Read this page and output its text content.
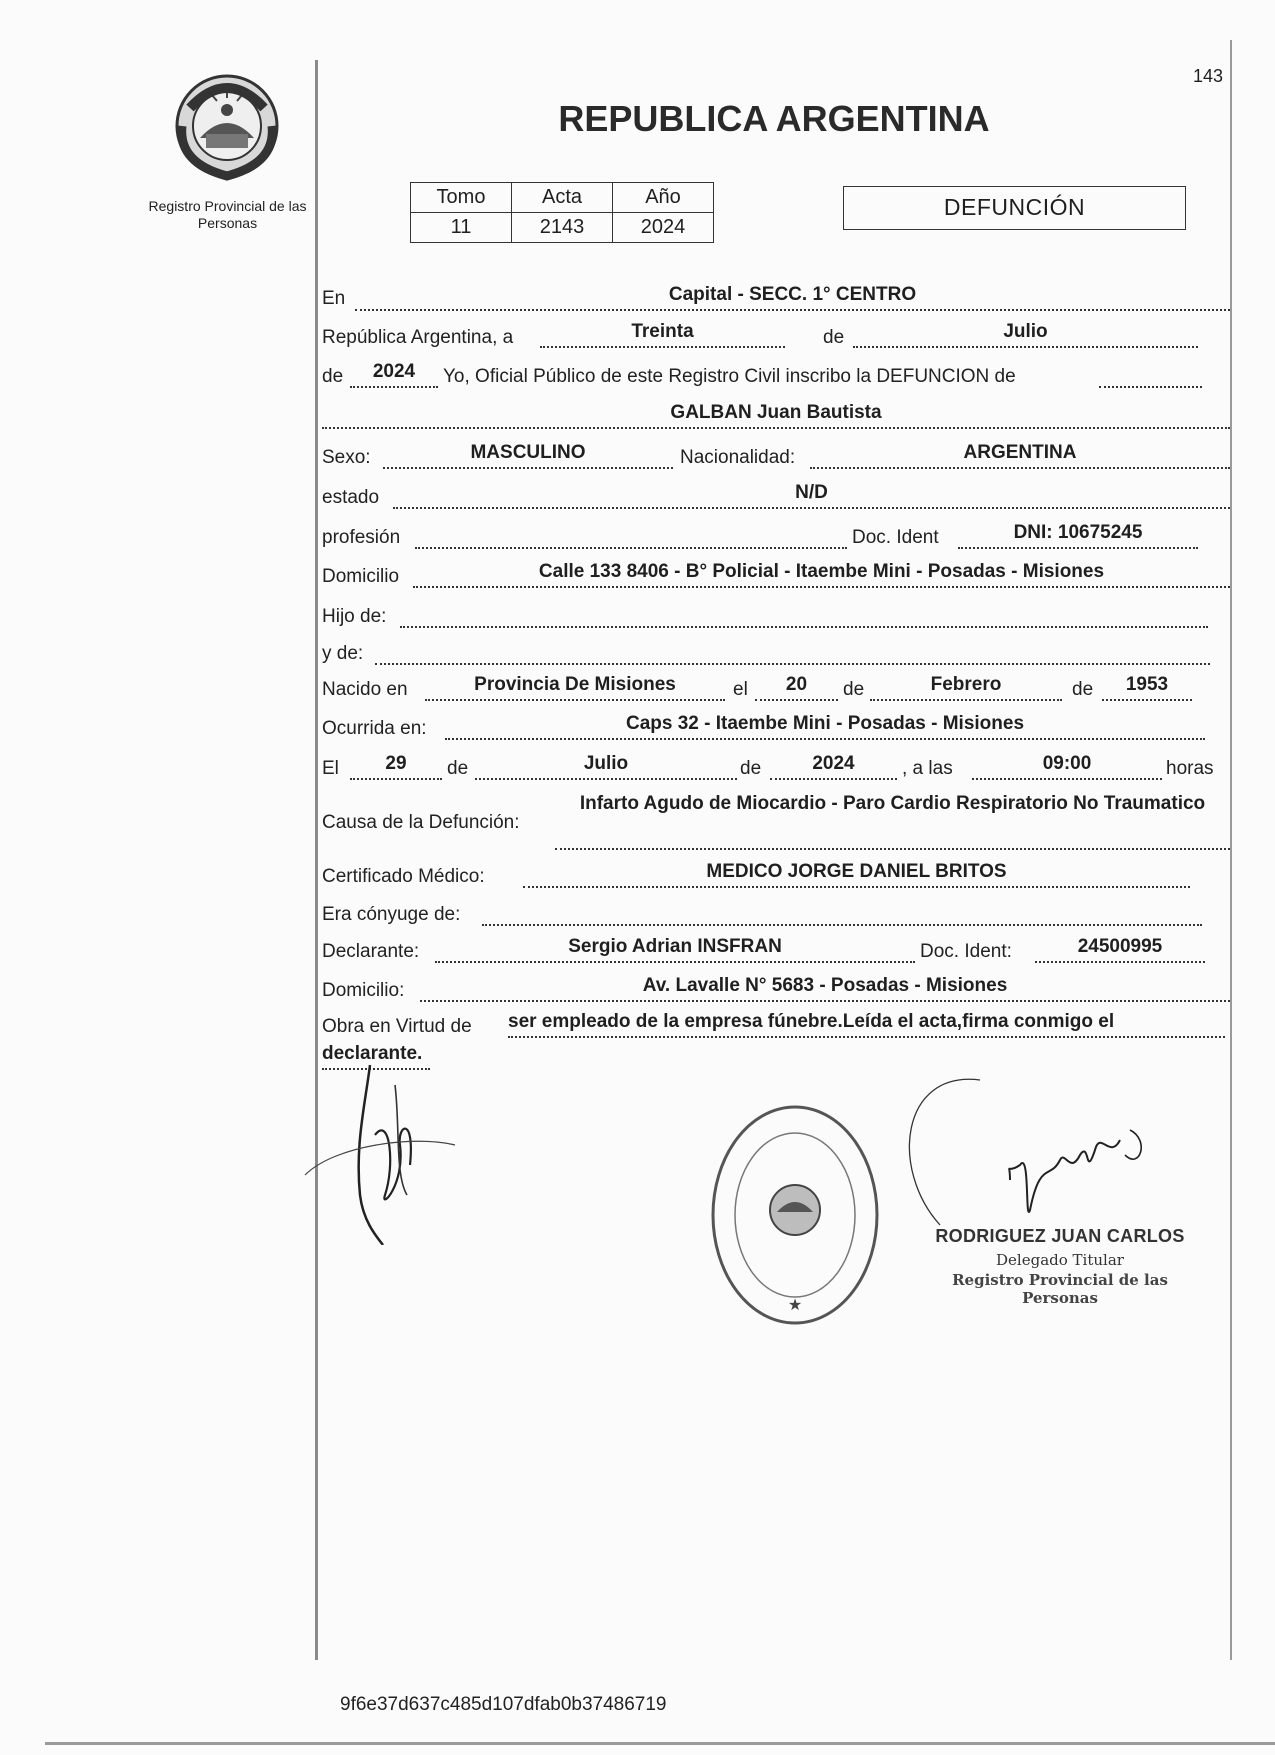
143
Registro Provincial de las Personas
REPUBLICA ARGENTINA
Tomo	Acta	Año
11	2143	2024
DEFUNCIÓN
En	Capital - SECC. 1° CENTRO
República Argentina, a	Treinta	de	Julio
de	2024	Yo, Oficial Público de este Registro Civil inscribo la DEFUNCION de
GALBAN Juan Bautista
Sexo:	MASCULINO	Nacionalidad:	ARGENTINA
estado	N/D
profesión	Doc. Ident	DNI: 10675245
Domicilio	Calle 133 8406 - B° Policial - Itaembe Mini - Posadas - Misiones
Hijo de:
y de:
Nacido en	Provincia De Misiones	el	20	de	Febrero	de	1953
Ocurrida en:	Caps 32 - Itaembe Mini - Posadas - Misiones
El	29	de	Julio	de	2024	, a las	09:00	horas
Causa de la Defunción:
Infarto Agudo de Miocardio - Paro Cardio Respiratorio No Traumatico
Certificado Médico:	MEDICO JORGE DANIEL BRITOS
Era cónyuge de:
Declarante:	Sergio Adrian INSFRAN	Doc. Ident:	24500995
Domicilio:	Av. Lavalle N° 5683 - Posadas - Misiones
Obra en Virtud de ser empleado de la empresa fúnebre.Leída el acta,firma conmigo el
declarante.
★
RODRIGUEZ JUAN CARLOS
Delegado Titular
Registro Provincial de las Personas
9f6e37d637c485d107dfab0b37486719
